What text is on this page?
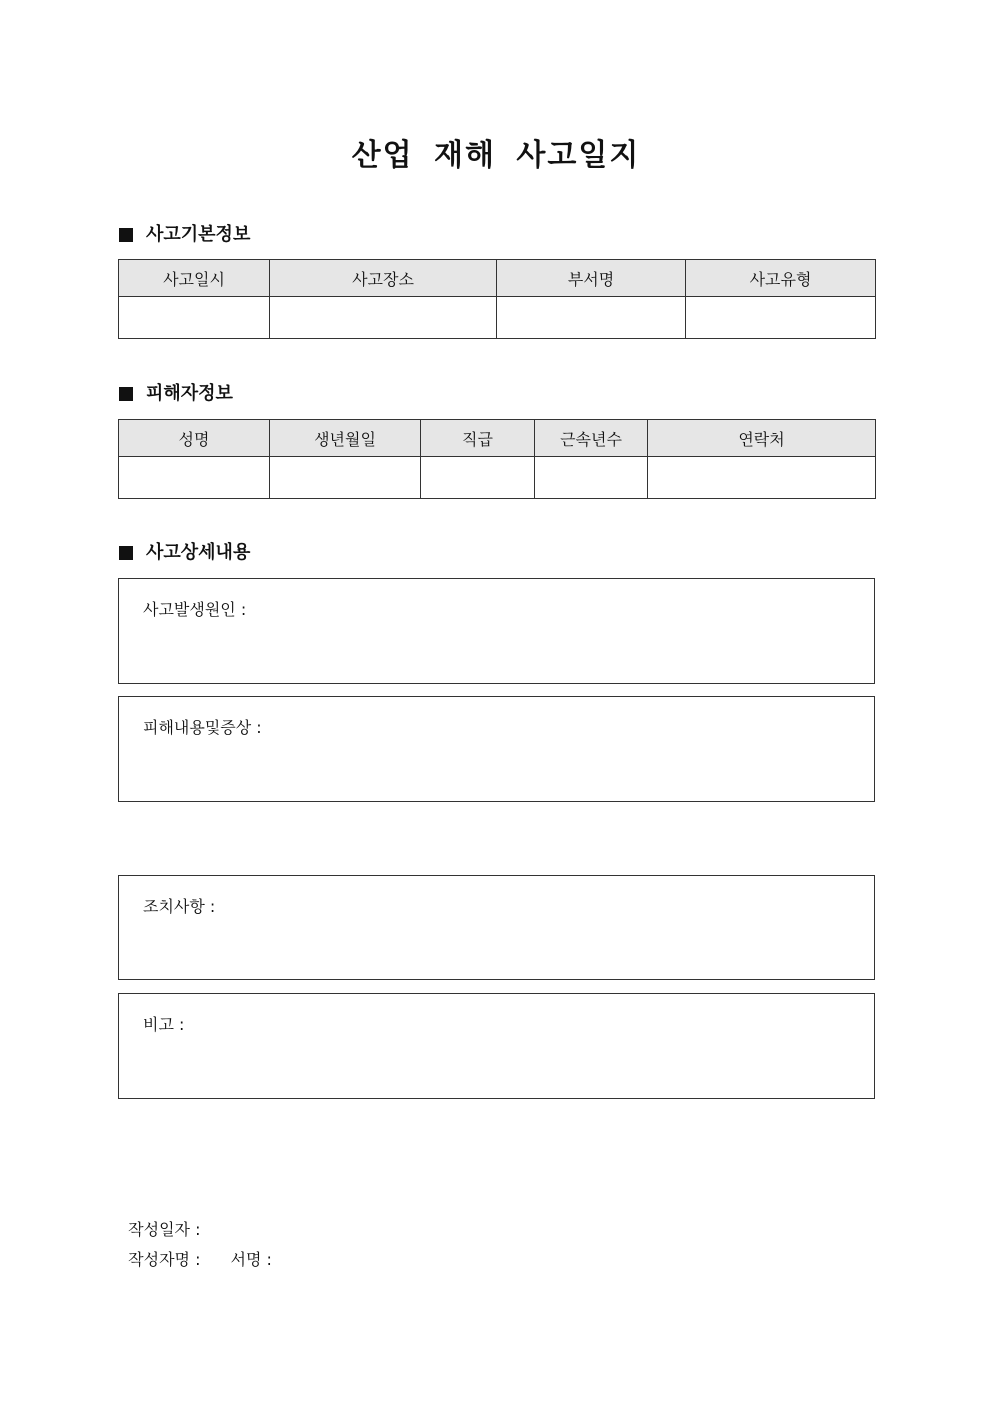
산업 재해 사고일지
사고기본정보
사고일시	사고장소	부서명	사고유형

피해자정보
성명	생년월일	직급	근속년수	연락처

사고상세내용
사고발생원인 :
피해내용및증상 :
조치사항 :
비고 :

작성일자 :

작성자명 : 서명 :
